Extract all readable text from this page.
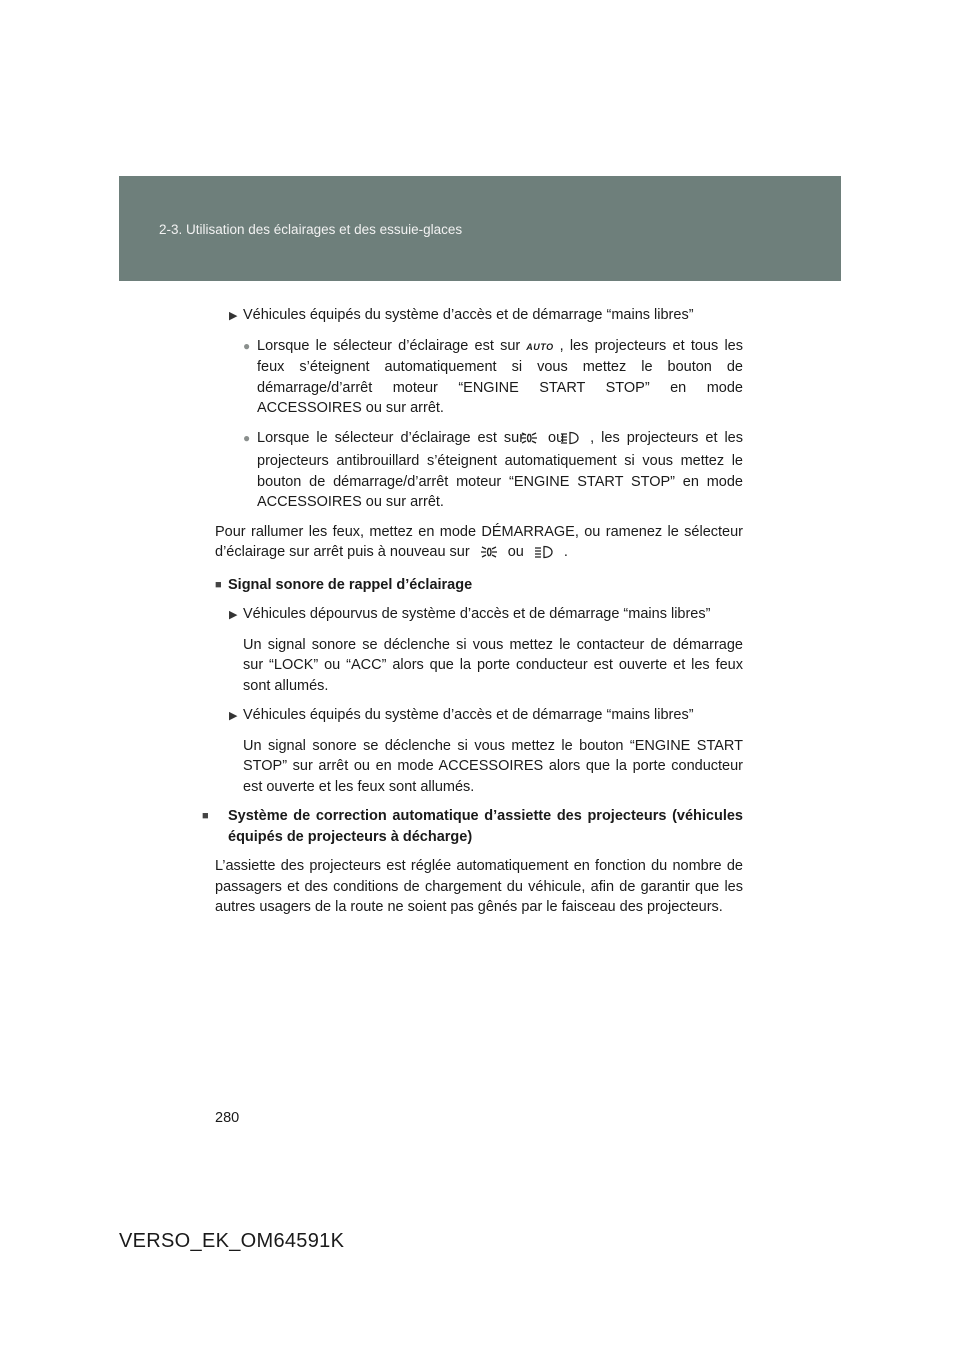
2-3. Utilisation des éclairages et des essuie-glaces

▶ Véhicules équipés du système d’accès et de démarrage “mains libres”

● Lorsque le sélecteur d’éclairage est sur AUTO , les projecteurs et tous les feux s’éteignent automatiquement si vous mettez le bouton de démarrage/d’arrêt moteur “ENGINE START STOP” en mode ACCESSOIRES ou sur arrêt.

● Lorsque le sélecteur d’éclairage est sur ou , les projecteurs et les projecteurs antibrouillard s’éteignent automatiquement si vous mettez le bouton de démarrage/d’arrêt moteur “ENGINE START STOP” en mode ACCESSOIRES ou sur arrêt.

Pour rallumer les feux, mettez en mode DÉMARRAGE, ou ramenez le sélecteur d’éclairage sur arrêt puis à nouveau sur	ou	.

■ Signal sonore de rappel d’éclairage

▶ Véhicules dépourvus de système d’accès et de démarrage “mains libres”

Un signal sonore se déclenche si vous mettez le contacteur de démarrage sur “LOCK” ou “ACC” alors que la porte conducteur est ouverte et les feux sont allumés.

▶ Véhicules équipés du système d’accès et de démarrage “mains libres”

Un signal sonore se déclenche si vous mettez le bouton “ENGINE START STOP” sur arrêt ou en mode ACCESSOIRES alors que la porte conducteur est ouverte et les feux sont allumés.

■ Système de correction automatique d’assiette des projecteurs (véhicules équipés de projecteurs à décharge)

L’assiette des projecteurs est réglée automatiquement en fonction du nombre de passagers et des conditions de chargement du véhicule, afin de garantir que les autres usagers de la route ne soient pas gênés par le faisceau des projecteurs.

280
VERSO_EK_OM64591K
